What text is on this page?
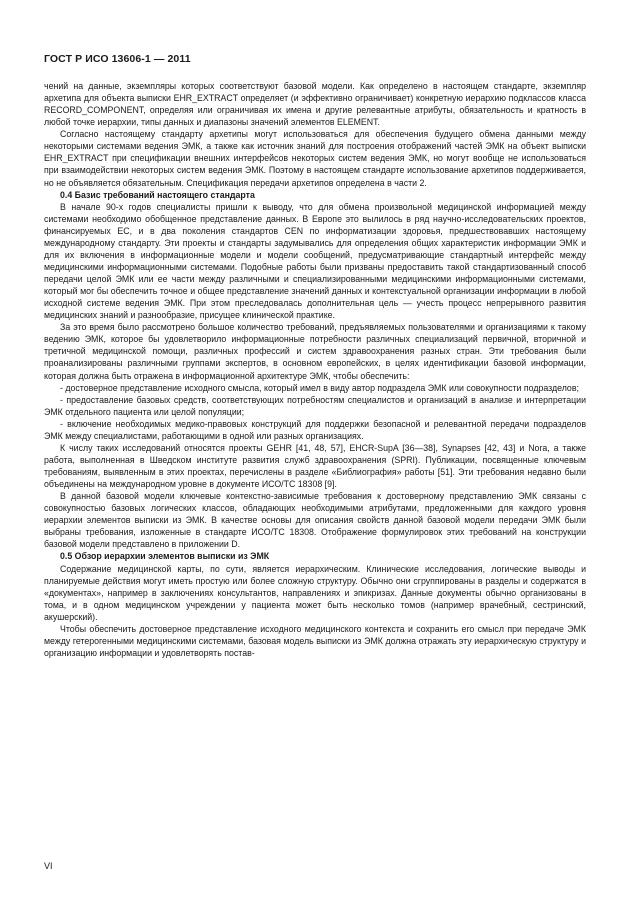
ГОСТ Р ИСО 13606-1 — 2011

чений на данные, экземпляры которых соответствуют базовой модели. Как определено в настоящем стандарте, экземпляр архетипа для объекта выписки EHR_EXTRACT определяет (и эффективно ограничивает) конкретную иерархию подклассов класса RECORD_COMPONENT, определяя или ограничивая их имена и другие релевантные атрибуты, обязательность и кратность в любой точке иерархии, типы данных и диапазоны значений элементов ELEMENT.

Согласно настоящему стандарту архетипы могут использоваться для обеспечения будущего обмена данными между некоторыми системами ведения ЭМК, а также как источник знаний для построения отображений частей ЭМК на объект выписки EHR_EXTRACT при спецификации внешних интерфейсов некоторых систем ведения ЭМК, но могут вообще не использоваться при взаимодействии некоторых систем ведения ЭМК. Поэтому в настоящем стандарте использование архетипов поддерживается, но не объявляется обязательным. Спецификация передачи архетипов определена в части 2.

0.4 Базис требований настоящего стандарта

В начале 90-х годов специалисты пришли к выводу, что для обмена произвольной медицинской информацией между системами необходимо обобщенное представление данных. В Европе это вылилось в ряд научно-исследовательских проектов, финансируемых ЕС, и в два поколения стандартов CEN по информатизации здоровья, предшествовавших настоящему международному стандарту. Эти проекты и стандарты задумывались для определения общих характеристик информации ЭМК и для их включения в информационные модели и модели сообщений, предусматривающие стандартный интерфейс между медицинскими информационными системами. Подобные работы были призваны предоставить такой стандартизованный способ передачи целой ЭМК или ее части между различными и специализированными медицинскими информационными системами, который мог бы обеспечить точное и общее представление значений данных и контекстуальной организации информации в любой исходной системе ведения ЭМК. При этом преследовалась дополнительная цель — учесть процесс непрерывного развития медицинских знаний и разнообразие, присущее клинической практике.

За это время было рассмотрено большое количество требований, предъявляемых пользователями и организациями к такому ведению ЭМК, которое бы удовлетворило информационные потребности различных специализаций первичной, вторичной и третичной медицинской помощи, различных профессий и систем здравоохранения разных стран. Эти требования были проанализированы различными группами экспертов, в основном европейских, в целях идентификации базовой информации, которая должна быть отражена в информационной архитектуре ЭМК, чтобы обеспечить:

- достоверное представление исходного смысла, который имел в виду автор подраздела ЭМК или совокупности подразделов;

- предоставление базовых средств, соответствующих потребностям специалистов и организаций в анализе и интерпретации ЭМК отдельного пациента или целой популяции;

- включение необходимых медико-правовых конструкций для поддержки безопасной и релевантной передачи подразделов ЭМК между специалистами, работающими в одной или разных организациях.

К числу таких исследований относятся проекты GEHR [41, 48, 57], EHCR-SupA [36—38], Synapses [42, 43] и Nora, а также работа, выполненная в Шведском институте развития служб здравоохранения (SPRI). Публикации, посвященные ключевым требованиям, выявленным в этих проектах, перечислены в разделе «Библиография» работы [51]. Эти требования недавно были объединены на международном уровне в документе ИСО/ТС 18308 [9].

В данной базовой модели ключевые контекстно-зависимые требования к достоверному представлению ЭМК связаны с совокупностью базовых логических классов, обладающих необходимыми атрибутами, предложенными для каждого уровня иерархии элементов выписки из ЭМК. В качестве основы для описания свойств данной базовой модели передачи ЭМК были выбраны требования, изложенные в стандарте ИСО/ТС 18308. Отображение формулировок этих требований на конструкции базовой модели представлено в приложении D.

0.5 Обзор иерархии элементов выписки из ЭМК

Содержание медицинской карты, по сути, является иерархическим. Клинические исследования, логические выводы и планируемые действия могут иметь простую или более сложную структуру. Обычно они сгруппированы в разделы и содержатся в «документах», например в заключениях консультантов, направлениях и эпикризах. Данные документы обычно организованы в тома, и в одном медицинском учреждении у пациента может быть несколько томов (например врачебный, сестринский, акушерский).

Чтобы обеспечить достоверное представление исходного медицинского контекста и сохранить его смысл при передаче ЭМК между гетерогенными медицинскими системами, базовая модель выписки из ЭМК должна отражать эту иерархическую структуру и организацию информации и удовлетворять постав-

VI
